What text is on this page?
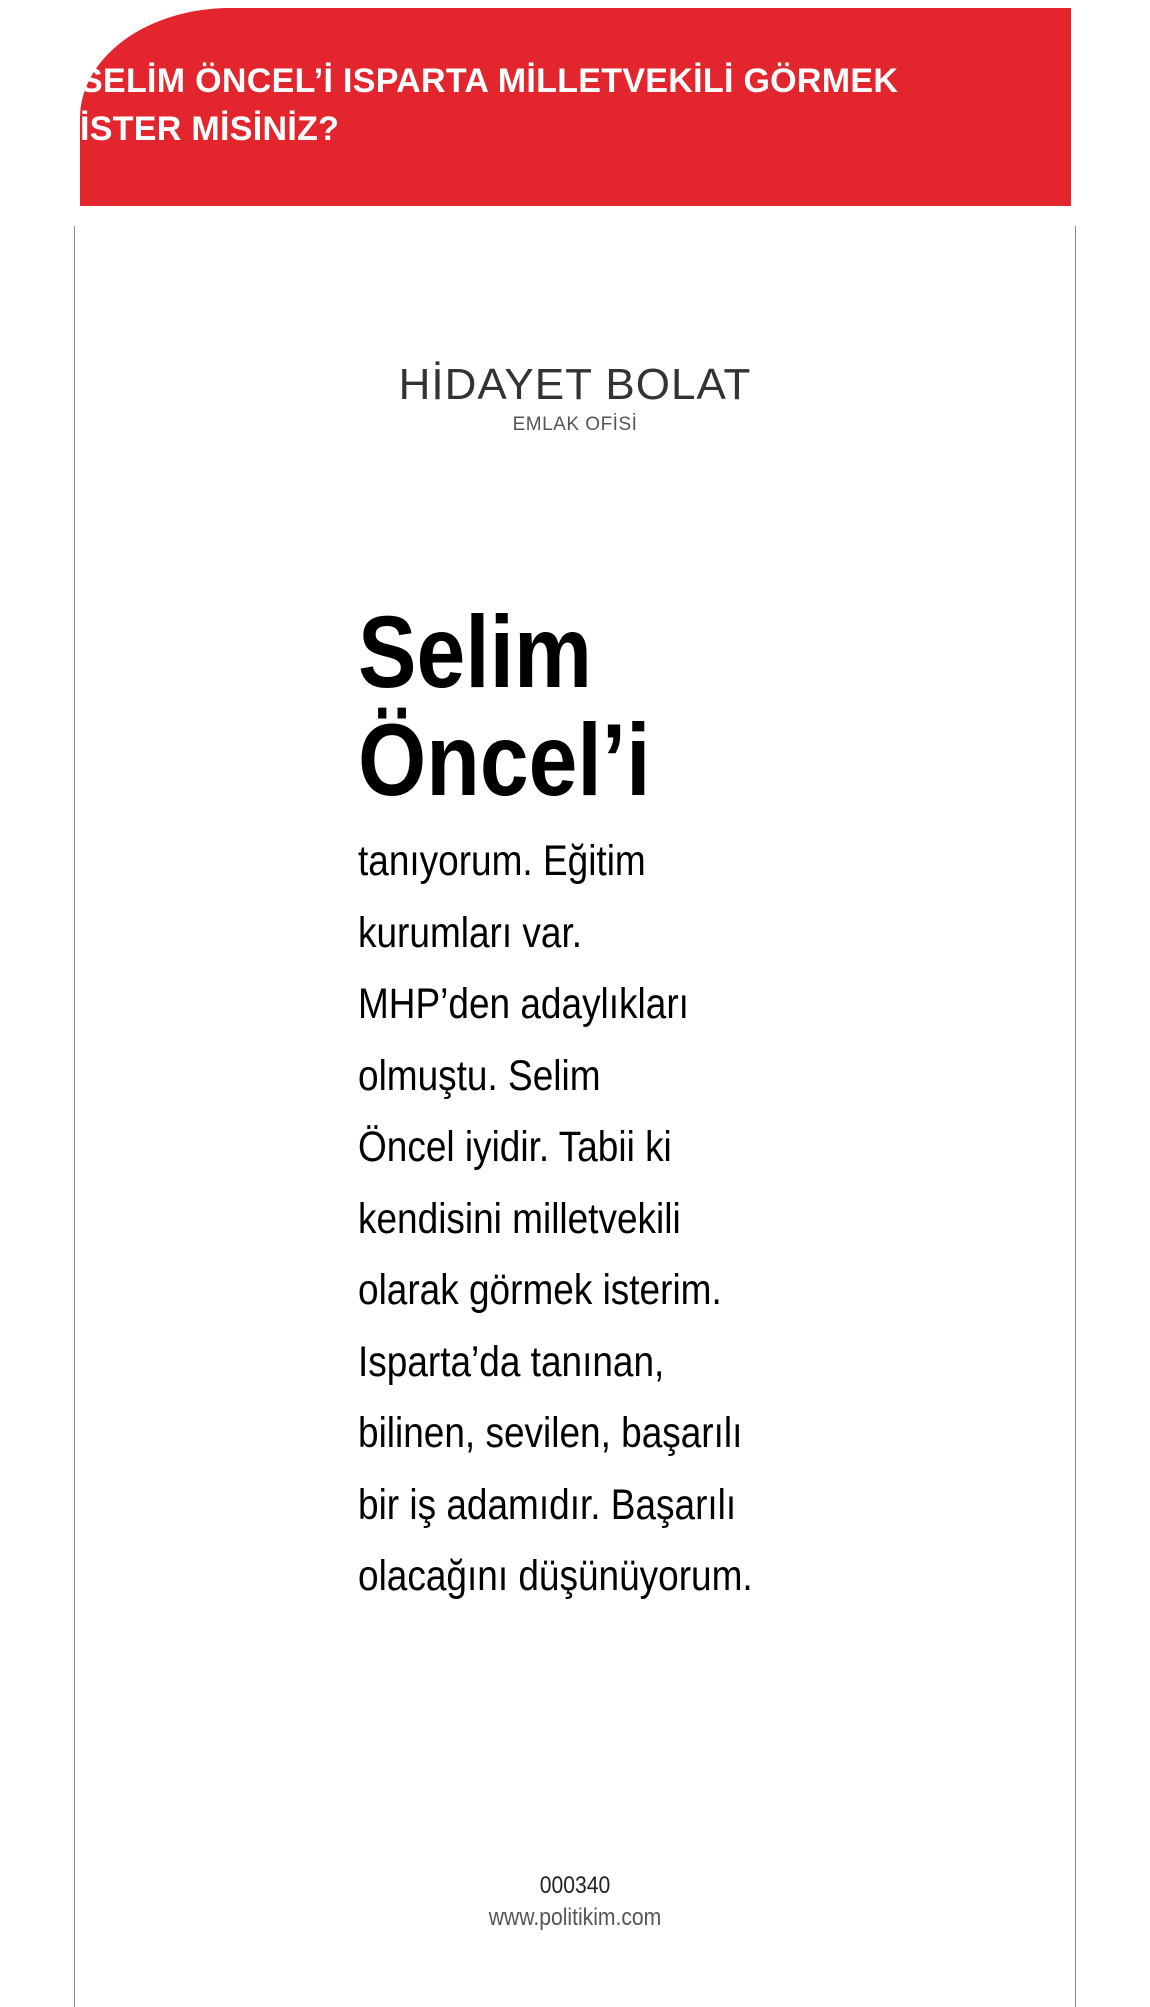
SELİM ÖNCEL’İ ISPARTA MİLLETVEKİLİ GÖRMEK
İSTER MİSİNİZ?
HİDAYET BOLAT
EMLAK OFİSİ
Selim
Öncel’i

tanıyorum. Eğitim
kurumları var.
MHP’den adaylıkları
olmuştu. Selim
Öncel iyidir. Tabii ki
kendisini milletvekili
olarak görmek isterim.
Isparta’da tanınan,
bilinen, sevilen, başarılı
bir iş adamıdır. Başarılı
olacağını düşünüyorum.

000340
www.politikim.com
